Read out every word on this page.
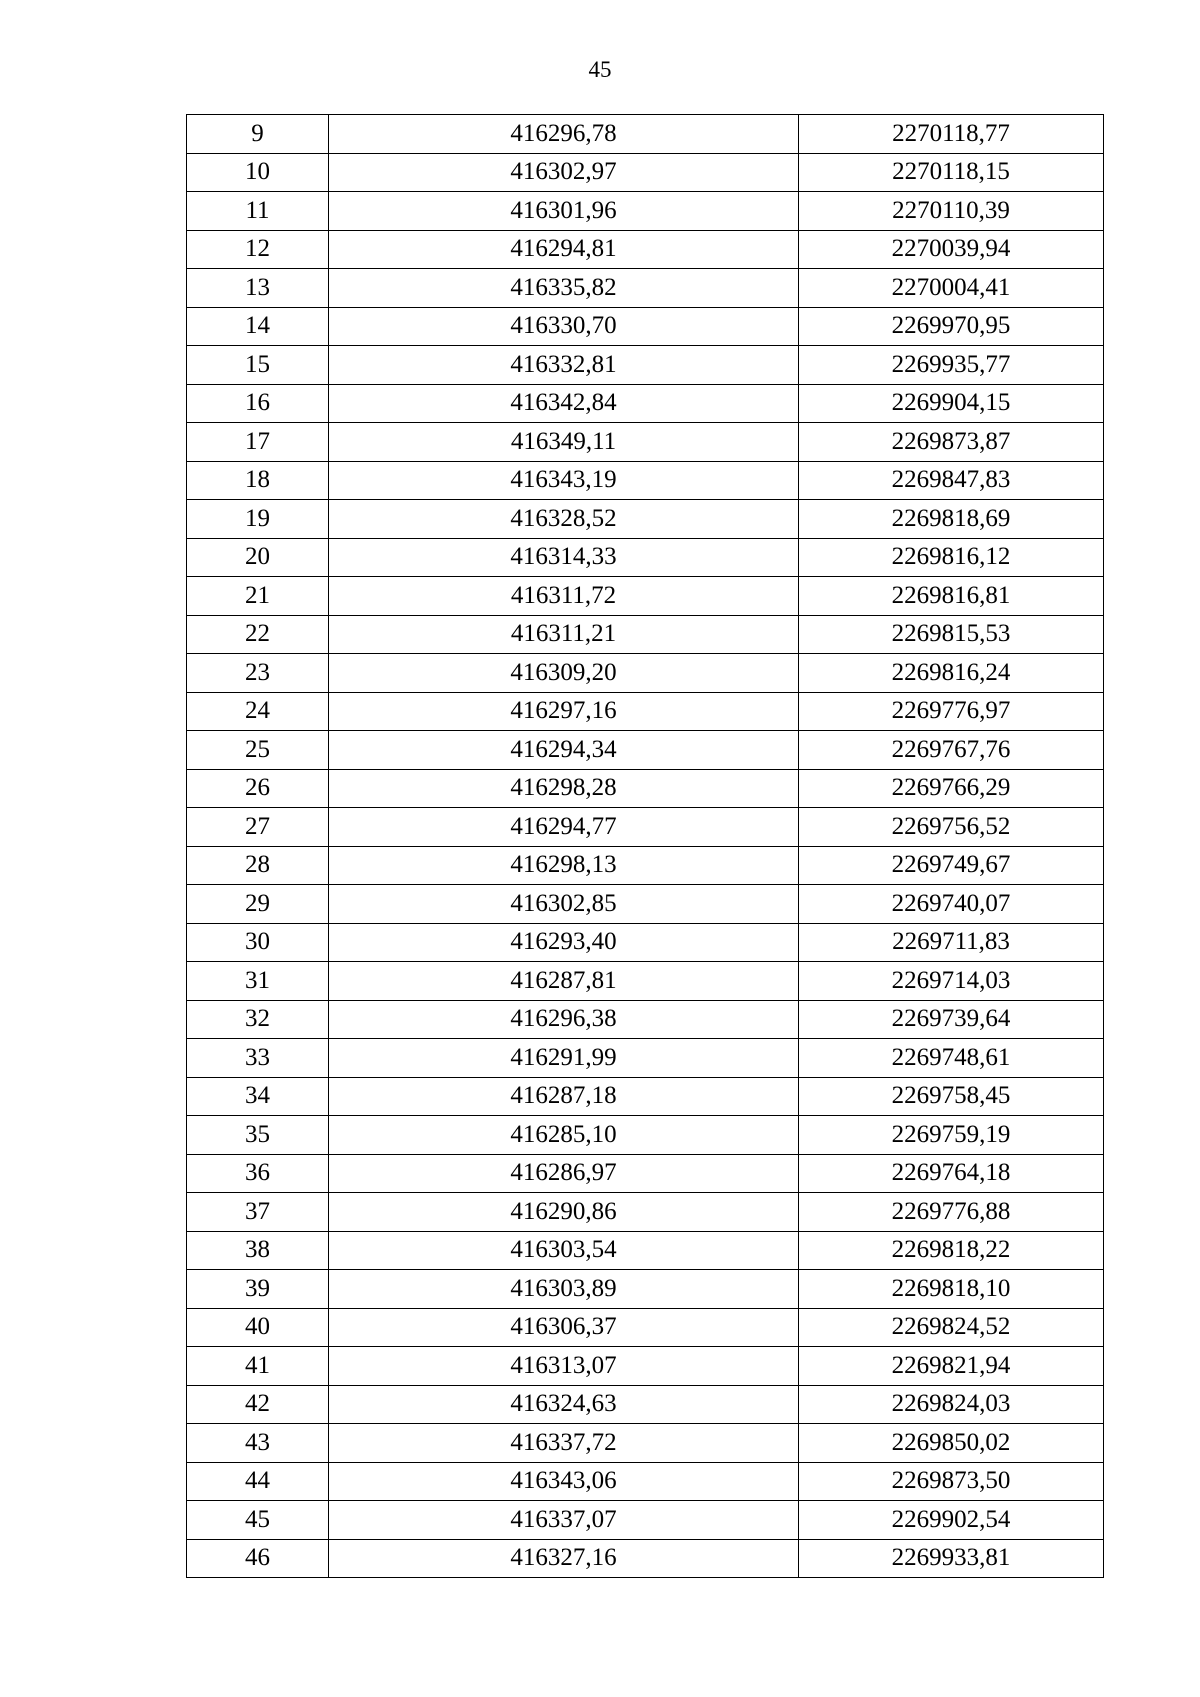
45
9	416296,78	2270118,77
10	416302,97	2270118,15
11	416301,96	2270110,39
12	416294,81	2270039,94
13	416335,82	2270004,41
14	416330,70	2269970,95
15	416332,81	2269935,77
16	416342,84	2269904,15
17	416349,11	2269873,87
18	416343,19	2269847,83
19	416328,52	2269818,69
20	416314,33	2269816,12
21	416311,72	2269816,81
22	416311,21	2269815,53
23	416309,20	2269816,24
24	416297,16	2269776,97
25	416294,34	2269767,76
26	416298,28	2269766,29
27	416294,77	2269756,52
28	416298,13	2269749,67
29	416302,85	2269740,07
30	416293,40	2269711,83
31	416287,81	2269714,03
32	416296,38	2269739,64
33	416291,99	2269748,61
34	416287,18	2269758,45
35	416285,10	2269759,19
36	416286,97	2269764,18
37	416290,86	2269776,88
38	416303,54	2269818,22
39	416303,89	2269818,10
40	416306,37	2269824,52
41	416313,07	2269821,94
42	416324,63	2269824,03
43	416337,72	2269850,02
44	416343,06	2269873,50
45	416337,07	2269902,54
46	416327,16	2269933,81
